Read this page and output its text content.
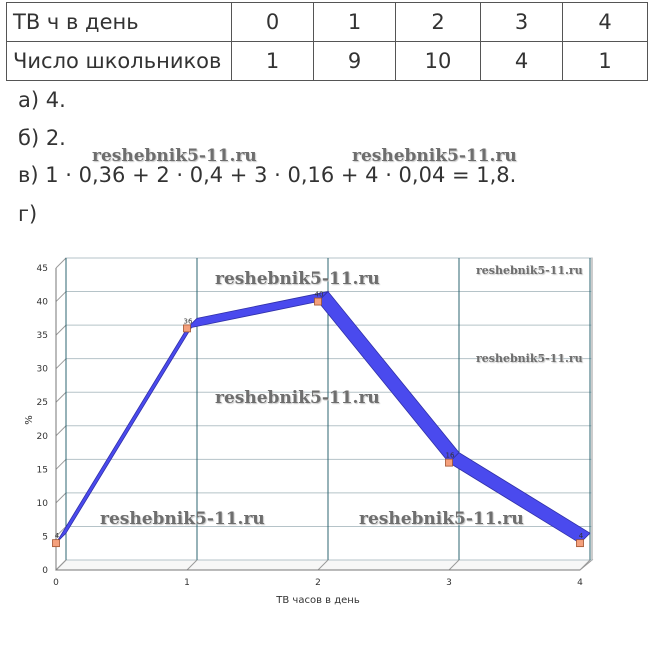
ТВ ч в день	0	1	2	3	4
Число школьников	1	9	10	4	1
а) 4.
б) 2.
в) 1 · 0,36 + 2 · 0,4 + 3 · 0,16 + 4 · 0,04 = 1,8.
г)
4
36
40
16
4
0
5
10
15
20
25
30
35
40
45
0	1	2	3	4
ТВ часов в день
%
reshebnik5-11.ru	reshebnik5-11.ru
reshebnik5-11.ru	reshebnik5-11.ru
reshebnik5-11.ru
reshebnik5-11.ru
reshebnik5-11.ru	reshebnik5-11.ru
